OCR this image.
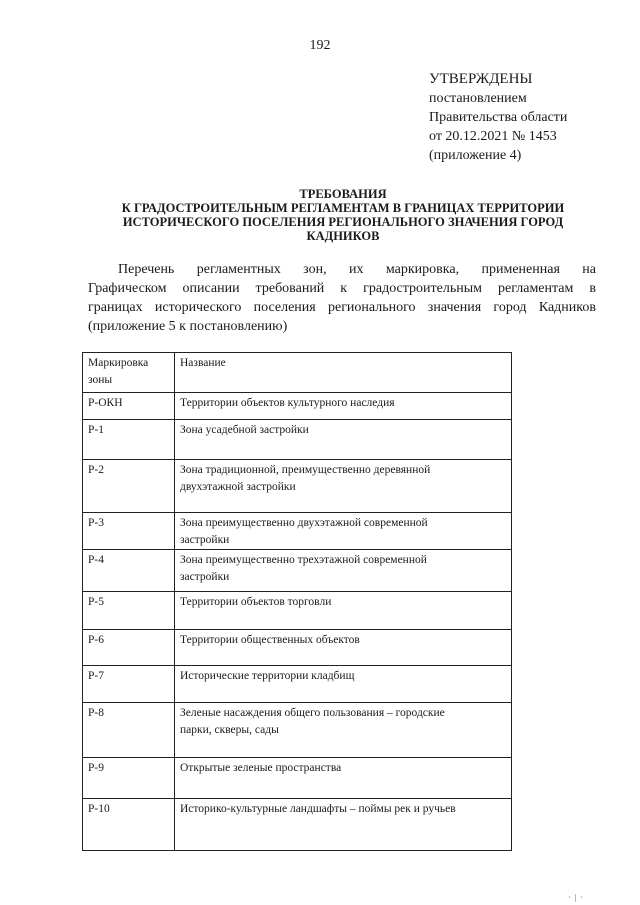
192
УТВЕРЖДЕНЫ
постановлением
Правительства области
от 20.12.2021 № 1453
(приложение 4)
ТРЕБОВАНИЯ
К ГРАДОСТРОИТЕЛЬНЫМ РЕГЛАМЕНТАМ В ГРАНИЦАХ ТЕРРИТОРИИ
ИСТОРИЧЕСКОГО ПОСЕЛЕНИЯ РЕГИОНАЛЬНОГО ЗНАЧЕНИЯ ГОРОД
КАДНИКОВ
Перечень регламентных зон, их маркировка, примененная на
Графическом описании требований к градостроительным регламентам в
границах исторического поселения регионального значения город Кадников
(приложение 5 к постановлению)
Маркировка
зоны	Название
Р-ОКН	Территории объектов культурного наследия

Р-1	Зона усадебной застройки

Р-2	Зона традиционной, преимущественно деревянной
двухэтажной застройки

Р-3	Зона преимущественно двухэтажной современной
застройки

Р-4	Зона преимущественно трехэтажной современной
застройки

Р-5	Территории объектов торговли

Р-6	Территории общественных объектов

Р-7	Исторические территории кладбищ

Р-8	Зеленые насаждения общего пользования – городские
парки, скверы, сады

Р-9	Открытые зеленые пространства

Р-10	Историко-культурные ландшафты – поймы рек и ручьев
· | ·
